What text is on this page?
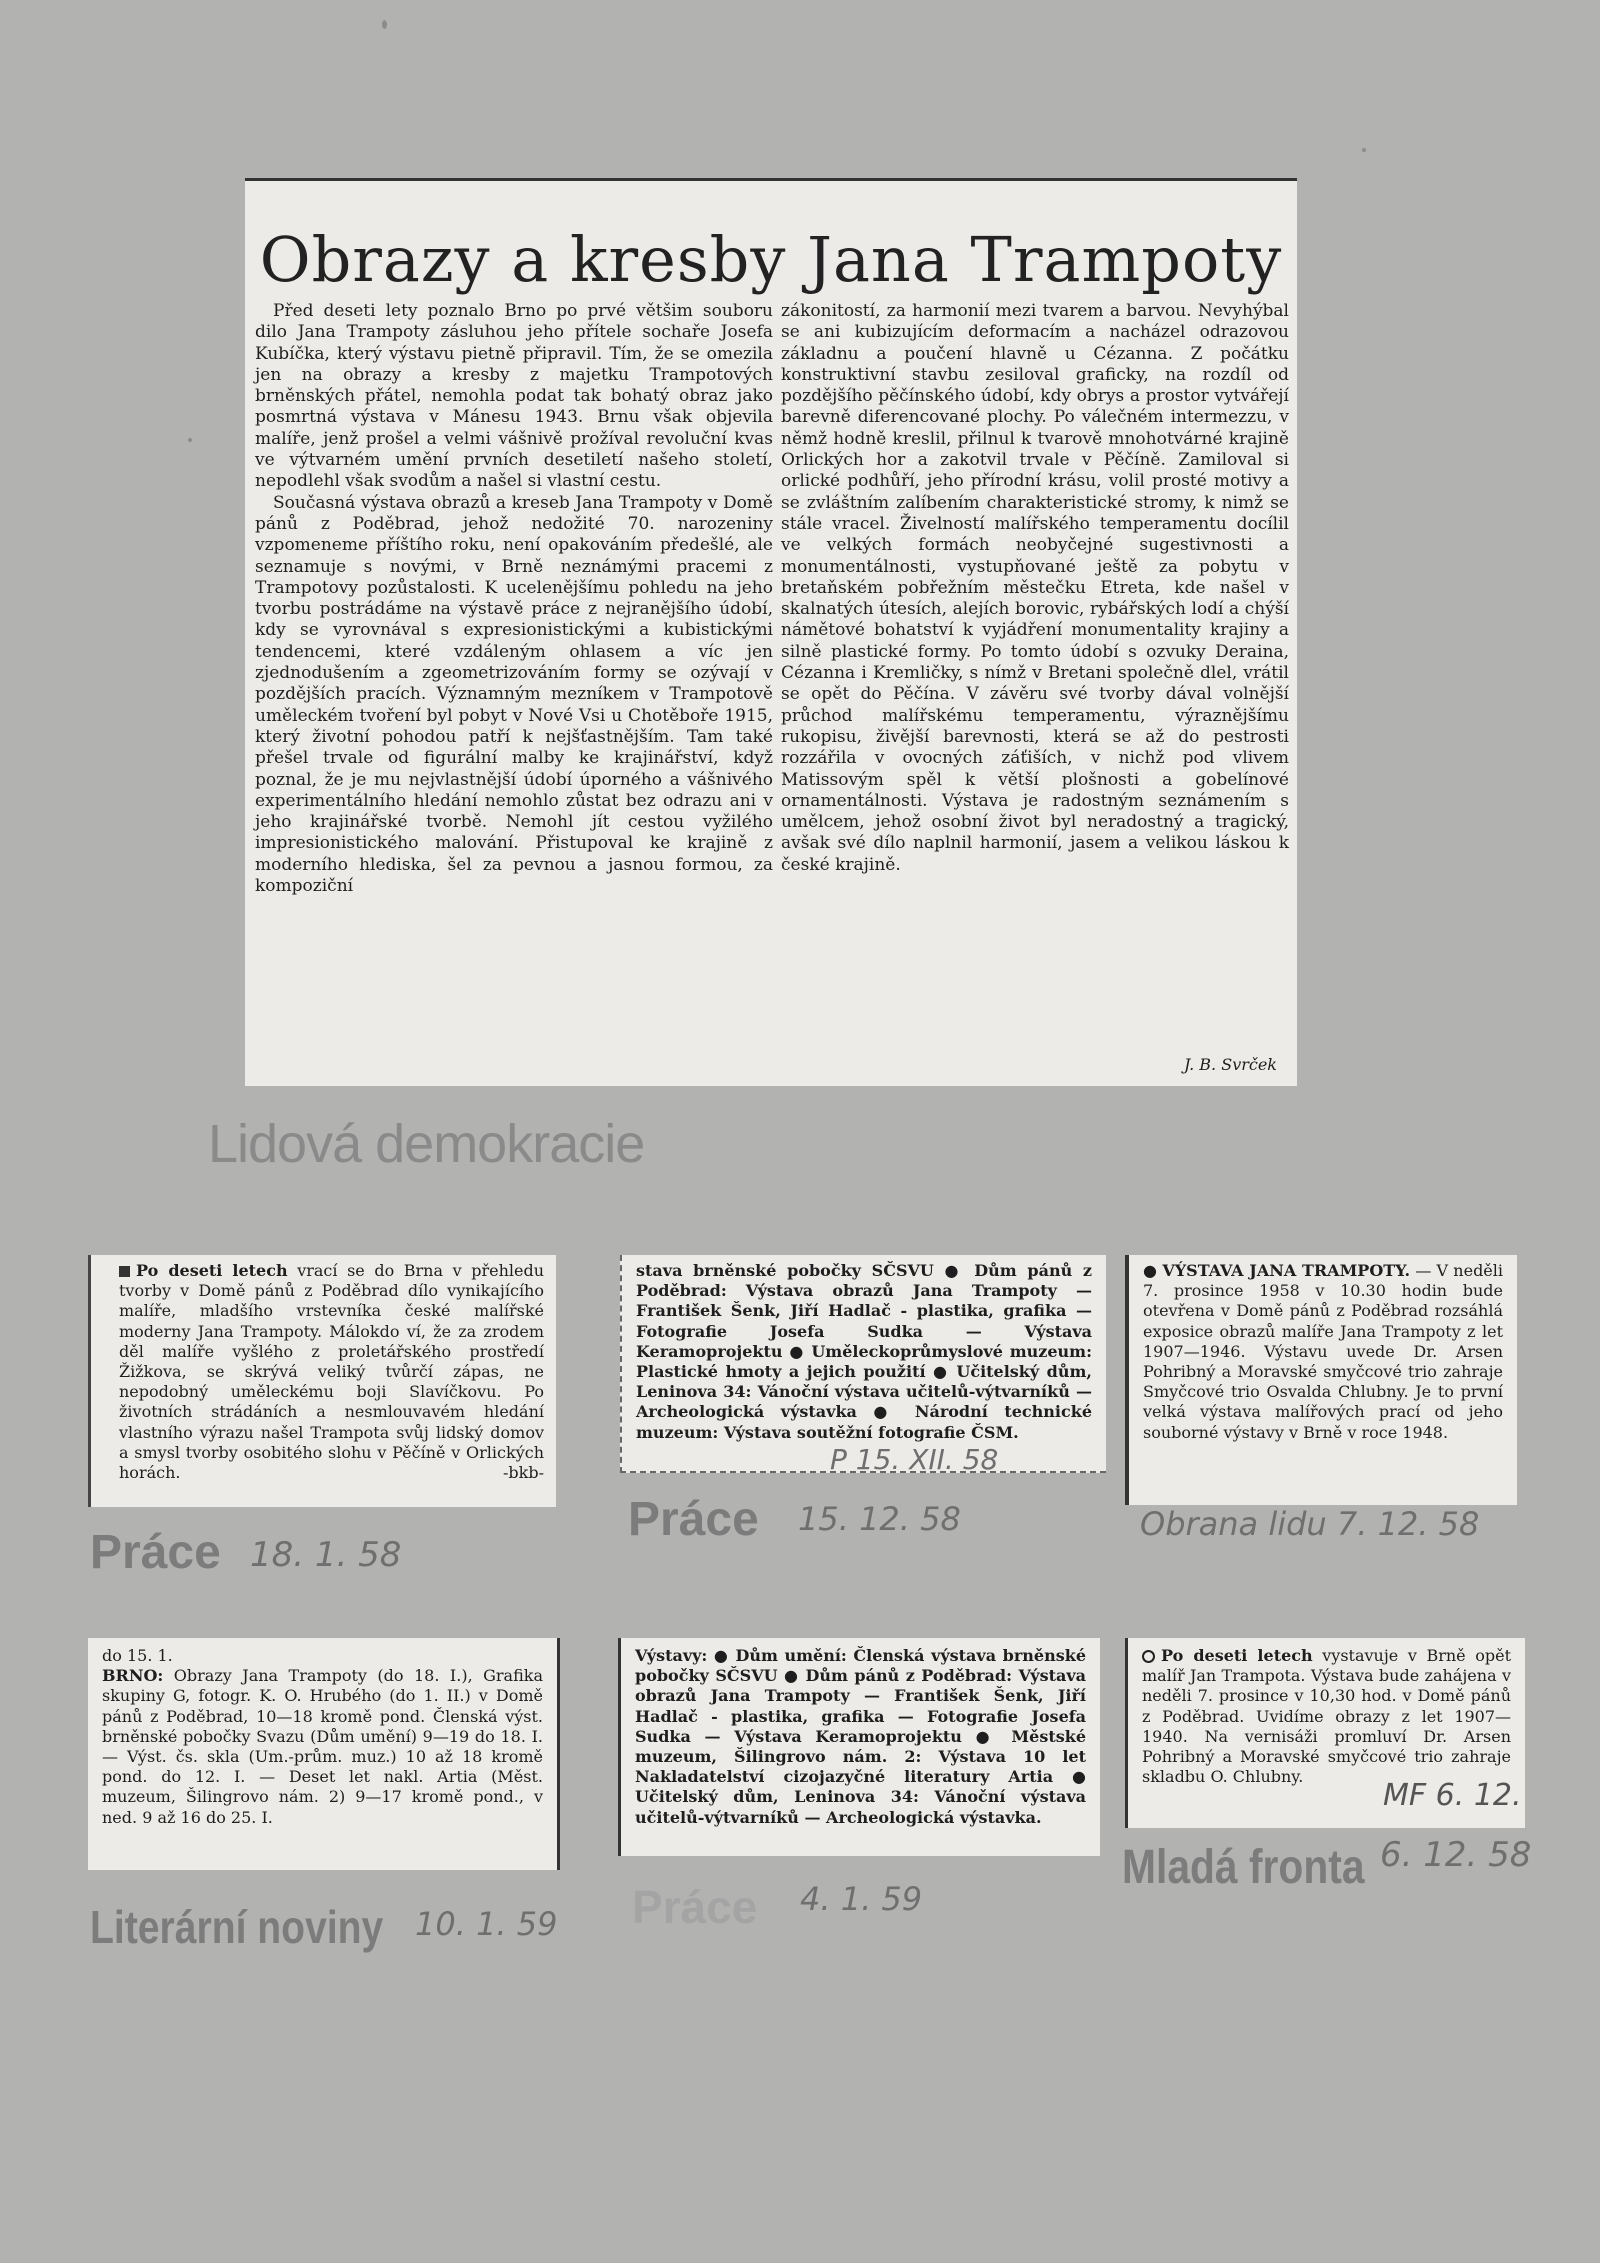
Obrazy a kresby Jana Trampoty

Před deseti lety poznalo Brno po prvé většim souboru dilo Jana Trampoty zásluhou jeho přítele sochaře Josefa Kubíčka, který výstavu pietně připravil. Tím, že se omezila jen na obrazy a kresby z majetku Trampotových brněnských přátel, nemohla podat tak bohatý obraz jako posmrtná výstava v Mánesu 1943. Brnu však objevila malíře, jenž prošel a velmi vášnivě prožíval revoluční kvas ve výtvarném umění prvních desetiletí našeho století, nepodlehl však svodům a našel si vlastní cestu.

Současná výstava obrazů a kreseb Jana Trampoty v Domě pánů z Poděbrad, jehož nedožité 70. narozeniny vzpomeneme příštího roku, není opakováním předešlé, ale seznamuje s novými, v Brně neznámými pracemi z Trampotovy pozůstalosti. K ucelenějšímu pohledu na jeho tvorbu postrádáme na výstavě práce z nejranějšího údobí, kdy se vyrovnával s expresionistickými a kubistickými tendencemi, které vzdáleným ohlasem a víc jen zjednodušením a zgeometrizováním formy se ozývají v pozdějších pracích. Významným mezníkem v Trampotově uměleckém tvoření byl pobyt v Nové Vsi u Chotěboře 1915, který životní pohodou patří k nejšťastnějším. Tam také přešel trvale od figurální malby ke krajinářství, když poznal, že je mu nejvlastnější údobí úporného a vášnivého experimentálního hledání nemohlo zůstat bez odrazu ani v jeho krajinářské tvorbě. Nemohl jít cestou vyžilého impresionistického malování. Přistupoval ke krajině z moderního hlediska, šel za pevnou a jasnou formou, za kompoziční

zákonitostí, za harmonií mezi tvarem a barvou. Nevyhýbal se ani kubizujícím deformacím a nacházel odrazovou základnu a poučení hlavně u Cézanna. Z počátku konstruktivní stavbu zesiloval graficky, na rozdíl od pozdějšího pěčínského údobí, kdy obrys a prostor vytvářejí barevně diferencované plochy. Po válečném intermezzu, v němž hodně kreslil, přilnul k tvarově mnohotvárné krajině Orlických hor a zakotvil trvale v Pěčíně. Zamiloval si orlické podhůří, jeho přírodní krásu, volil prosté motivy a se zvláštním zalíbením charakteristické stromy, k nimž se stále vracel. Živelností malířského temperamentu docílil ve velkých formách neobyčejné sugestivnosti a monumentálnosti, vystupňované ještě za pobytu v bretaňském pobřežním městečku Etreta, kde našel v skalnatých útesích, alejích borovic, rybářských lodí a chýší námětové bohatství k vyjádření monumentality krajiny a silně plastické formy. Po tomto údobí s ozvuky Deraina, Cézanna i Kremličky, s nímž v Bretani společně dlel, vrátil se opět do Pěčína. V závěru své tvorby dával volnější průchod malířskému temperamentu, výraznějšímu rukopisu, živější barevnosti, která se až do pestrosti rozzářila v ovocných záťiších, v nichž pod vlivem Matissovým spěl k větší plošnosti a gobelínové ornamentálnosti. Výstava je radostným seznámením s umělcem, jehož osobní život byl neradostný a tragický, avšak své dílo naplnil harmonií, jasem a velikou láskou k české krajině.

J. B. Svrček
Lidová demokracie
Po deseti letech vrací se do Brna v přehledu tvorby v Domě pánů z Poděbrad dílo vynikajícího malíře, mladšího vrstevníka české malířské moderny Jana Trampoty. Málokdo ví, že za zrodem děl malíře vyšlého z proletářského prostředí Žižkova, se skrývá veliký tvůrčí zápas, ne nepodobný uměleckému boji Slavíčkovu. Po životních strádáních a nesmlouvavém hledání vlastního výrazu našel Trampota svůj lidský domov a smysl tvorby osobitého slohu v Pěčíně v Orlických horách.	-bkb-
Práce 18. 1. 58
stava brněnské pobočky SČSVU ● Dům pánů z Poděbrad: Výstava obrazů Jana Trampoty — František Šenk, Jiří Hadlač - plastika, grafika — Fotografie Josefa Sudka — Výstava Keramoprojektu ● Uměleckoprůmyslové muzeum: Plastické hmoty a jejich použití ● Učitelský dům, Leninova 34: Vánoční výstava učitelů-výtvarníků — Archeologická výstavka ● Národní technické muzeum: Výstava soutěžní fotografie ČSM.
P 15. XII. 58
Práce 15. 12. 58
● VÝSTAVA JANA TRAMPOTY. — V neděli 7. prosince 1958 v 10.30 hodin bude otevřena v Domě pánů z Poděbrad rozsáhlá exposice obrazů malíře Jana Trampoty z let 1907—1946. Výstavu uvede Dr. Arsen Pohribný a Moravské smyčcové trio zahraje Smyčcové trio Osvalda Chlubny. Je to první velká výstava malířových prací od jeho souborné výstavy v Brně v roce 1948.
Obrana lidu 7. 12. 58
do 15. 1.
BRNO: Obrazy Jana Trampoty (do 18. I.), Grafika skupiny G, fotogr. K. O. Hrubého (do 1. II.) v Domě pánů z Poděbrad, 10—18 kromě pond. Členská výst. brněnské pobočky Svazu (Dům umění) 9—19 do 18. I. — Výst. čs. skla (Um.-prům. muz.) 10 až 18 kromě pond. do 12. I. — Deset let nakl. Artia (Měst. muzeum, Šilingrovo nám. 2) 9—17 kromě pond., v ned. 9 až 16 do 25. I.
Literární noviny 10. 1. 59
Výstavy: ● Dům umění: Členská výstava brněnské pobočky SČSVU ● Dům pánů z Poděbrad: Výstava obrazů Jana Trampoty — František Šenk, Jiří Hadlač - plastika, grafika — Fotografie Josefa Sudka — Výstava Keramoprojektu ● Městské muzeum, Šilingrovo nám. 2: Výstava 10 let Nakladatelství cizojazyčné literatury Artia ● Učitelský dům, Leninova 34: Vánoční výstava učitelů-výtvarníků — Archeologická výstavka.
Práce 4. 1. 59
Po deseti letech vystavuje v Brně opět malíř Jan Trampota. Výstava bude zahájena v neděli 7. prosince v 10,30 hod. v Domě pánů z Poděbrad. Uvidíme obrazy z let 1907—1940. Na vernisáži promluví Dr. Arsen Pohribný a Moravské smyčcové trio zahraje skladbu O. Chlubny.
MF 6. 12.
Mladá fronta 6. 12. 58
